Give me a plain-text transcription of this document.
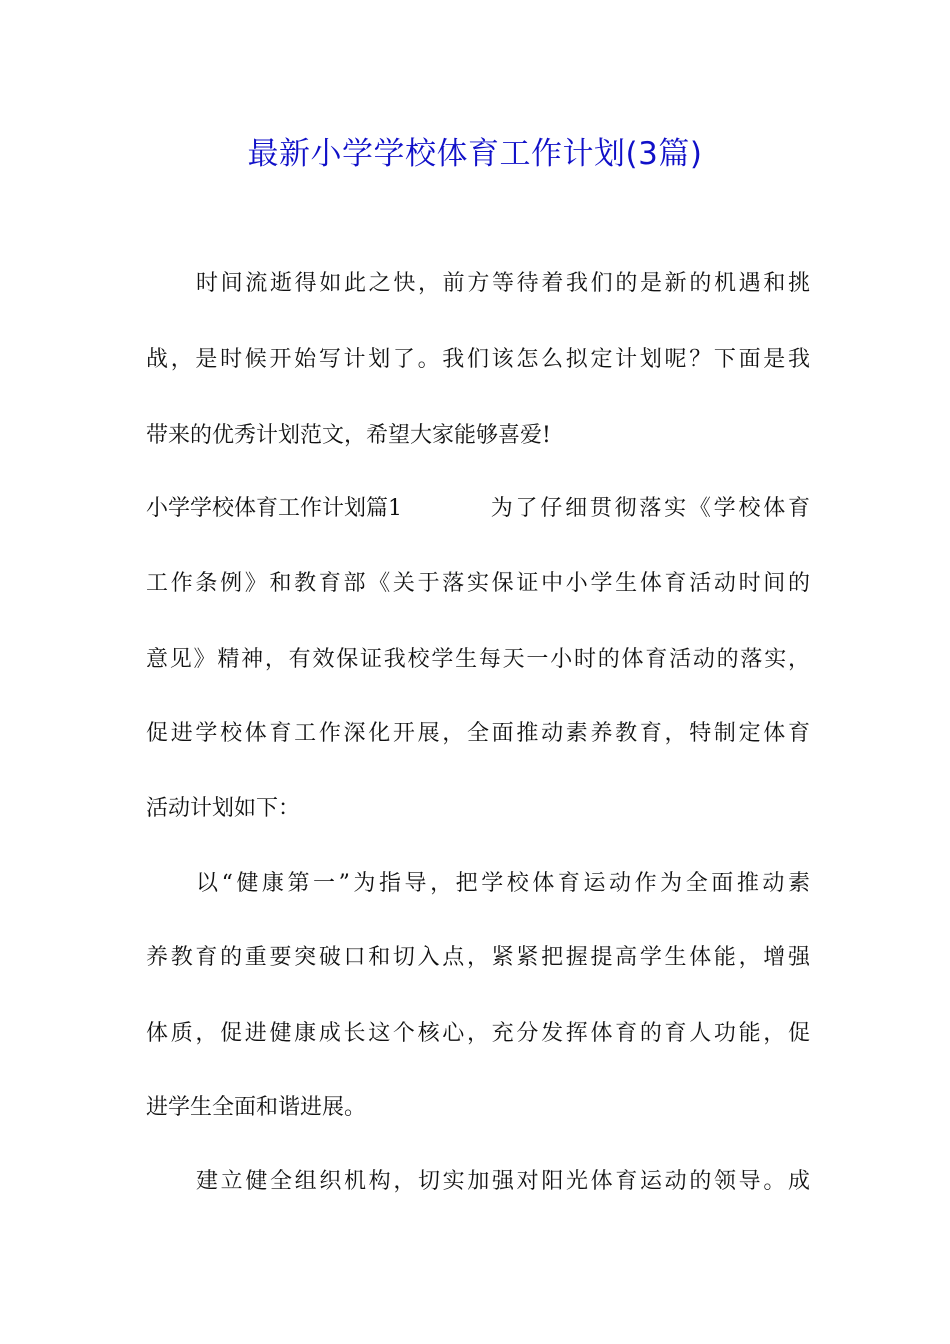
最新小学学校体育工作计划(3篇)
时间流逝得如此之快，前方等待着我们的是新的机遇和挑
战，是时候开始写计划了。我们该怎么拟定计划呢？下面是我
带来的优秀计划范文，希望大家能够喜爱!
小学学校体育工作计划篇1	为了仔细贯彻落实《学校体育
工作条例》和教育部《关于落实保证中小学生体育活动时间的
意见》精神，有效保证我校学生每天一小时的体育活动的落实，
促进学校体育工作深化开展，全面推动素养教育，特制定体育
活动计划如下：
以“健康第一”为指导，把学校体育运动作为全面推动素
养教育的重要突破口和切入点，紧紧把握提高学生体能，增强
体质，促进健康成长这个核心，充分发挥体育的育人功能，促
进学生全面和谐进展。
建立健全组织机构，切实加强对阳光体育运动的领导。成
